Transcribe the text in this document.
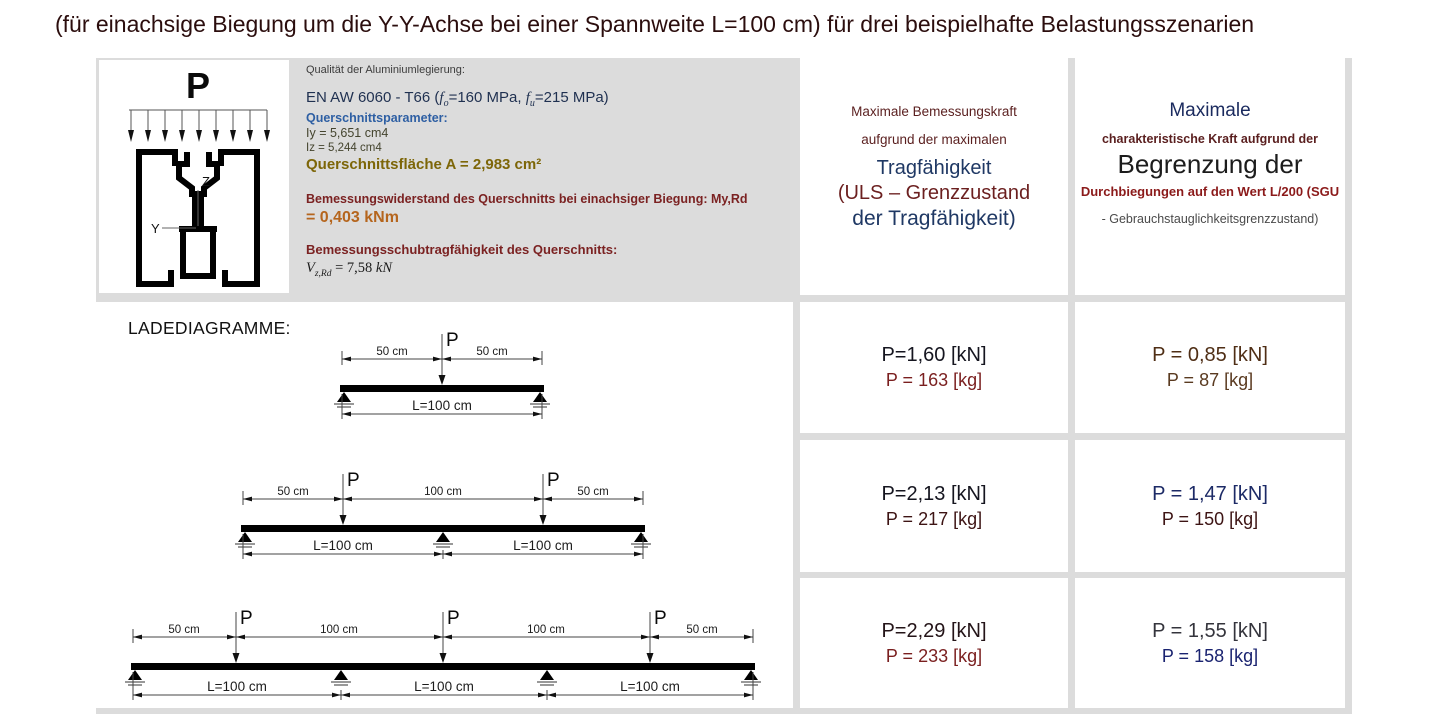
(für einachsige Biegung um die Y-Y-Achse bei einer Spannweite L=100 cm) für drei beispielhafte Belastungsszenarien
P
Z
Y
Qualität der Aluminiumlegierung:
EN AW 6060 - T66 ($f_o=160$ MPa, $f_u=215$ MPa)
Querschnittsparameter:
Iy = 5,651 cm4
Iz = 5,244 cm4
Querschnittsfläche A = 2,983 cm²
Bemessungswiderstand des Querschnitts bei einachsiger Biegung: My,Rd
= 0,403 kNm
Bemessungsschubtragfähigkeit des Querschnitts:
$V_{z,Rd} = 7,58$ kN
Maximale Bemessungskraft
aufgrund der maximalen
Tragfähigkeit
(ULS – Grenzzustand
der Tragfähigkeit)
Maximale
charakteristische Kraft aufgrund der
Begrenzung der
Durchbiegungen auf den Wert L/200 (SGU
- Gebrauchstauglichkeitsgrenzzustand)
LADEDIAGRAMME:
P
50 cm	50 cm
L=100 cm
P	P
50 cm	100 cm	50 cm
L=100 cm	L=100 cm
P	P	P
50 cm	100 cm	100 cm	50 cm
L=100 cm	L=100 cm	L=100 cm
P=1,60 [kN]
P = 163 [kg]
P = 0,85 [kN]
P = 87 [kg]
P=2,13 [kN]
P = 217 [kg]
P = 1,47 [kN]
P = 150 [kg]
P=2,29 [kN]
P = 233 [kg]
P = 1,55 [kN]
P = 158 [kg]
